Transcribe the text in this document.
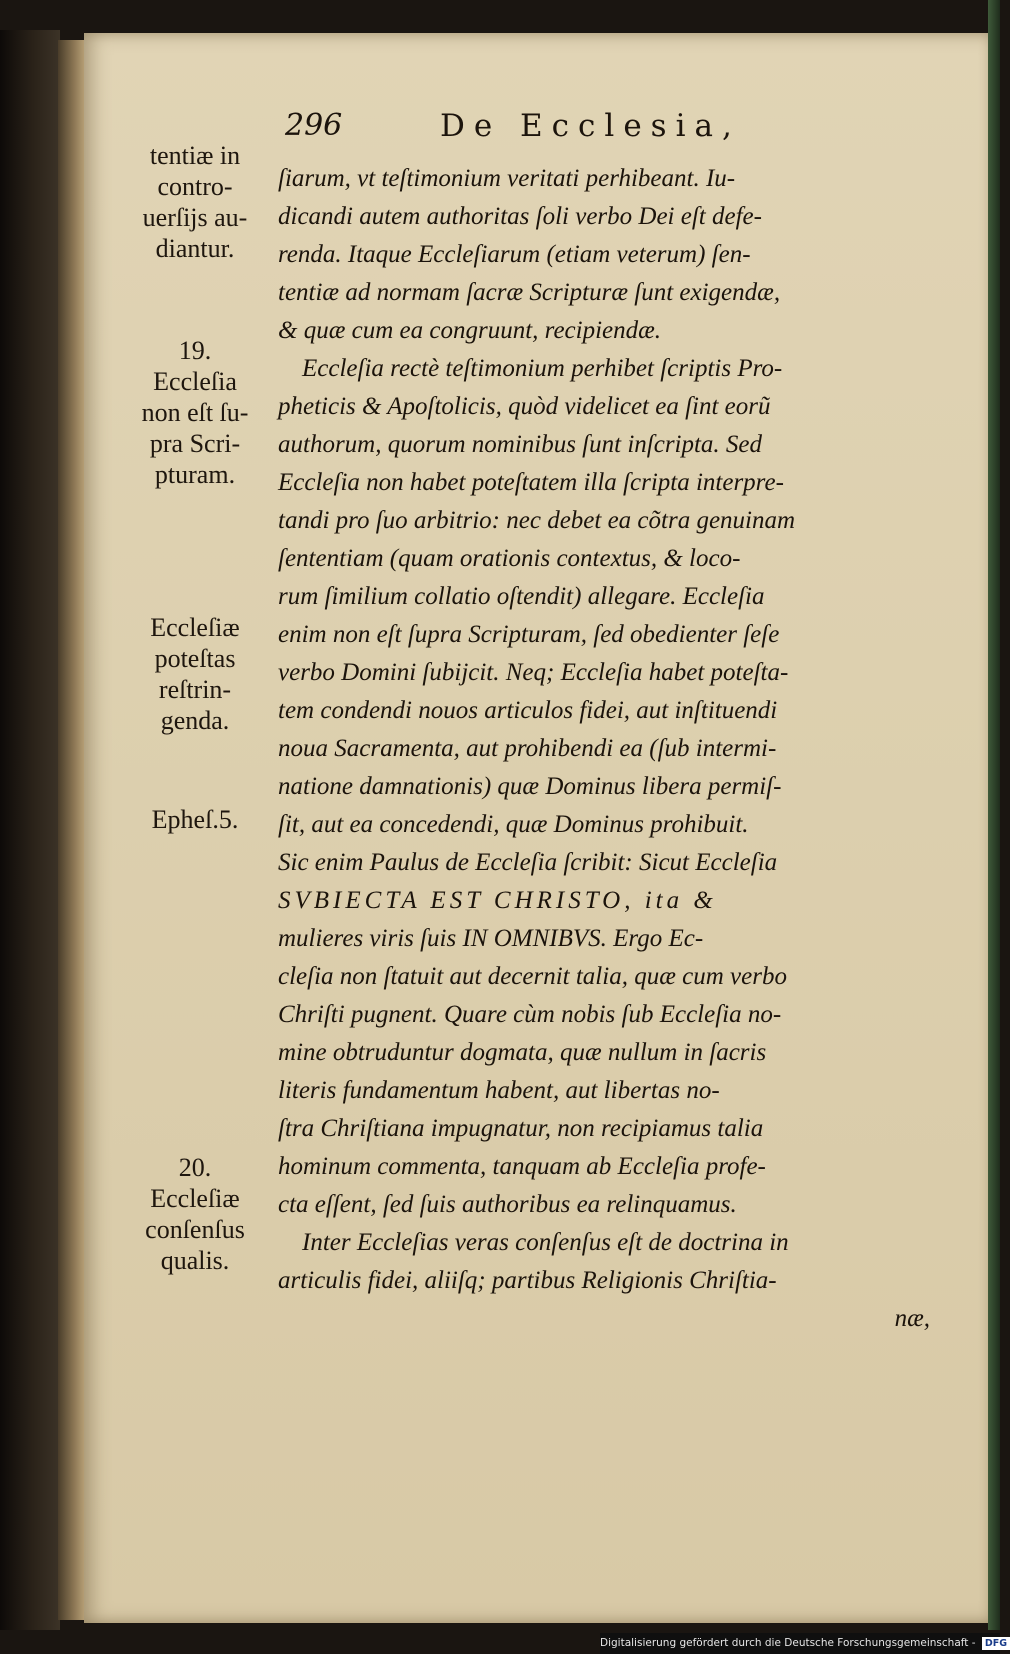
296	De Ecclesia,
tentiæ in
contro-
uerſijs au-
diantur.
19.
Eccleſia
non eſt ſu-
pra Scri-
pturam.
Eccleſiæ
poteſtas
reſtrin-
genda.
Epheſ.5.
20.
Eccleſiæ
conſenſus
qualis.
ſiarum, vt teſtimonium veritati perhibeant. Iu-
dicandi autem authoritas ſoli verbo Dei eſt defe-
renda. Itaque Eccleſiarum (etiam veterum) ſen-
tentiæ ad normam ſacræ Scripturæ ſunt exigendæ,
& quæ cum ea congruunt, recipiendæ.
Eccleſia rectè teſtimonium perhibet ſcriptis Pro-
pheticis & Apoſtolicis, quòd videlicet ea ſint eorũ
authorum, quorum nominibus ſunt inſcripta. Sed
Eccleſia non habet poteſtatem illa ſcripta interpre-
tandi pro ſuo arbitrio: nec debet ea cõtra genuinam
ſententiam (quam orationis contextus, & loco-
rum ſimilium collatio oſtendit) allegare. Eccleſia
enim non eſt ſupra Scripturam, ſed obedienter ſeſe
verbo Domini ſubijcit. Neq; Eccleſia habet poteſta-
tem condendi nouos articulos fidei, aut inſtituendi
noua Sacramenta, aut prohibendi ea (ſub intermi-
natione damnationis) quæ Dominus libera permiſ-
ſit, aut ea concedendi, quæ Dominus prohibuit.
Sic enim Paulus de Eccleſia ſcribit: Sicut Eccleſia
SVBIECTA EST CHRISTO, ita &
mulieres viris ſuis IN OMNIBVS. Ergo Ec-
cleſia non ſtatuit aut decernit talia, quæ cum verbo
Chriſti pugnent. Quare cùm nobis ſub Eccleſia no-
mine obtruduntur dogmata, quæ nullum in ſacris
literis fundamentum habent, aut libertas no-
ſtra Chriſtiana impugnatur, non recipiamus talia
hominum commenta, tanquam ab Eccleſia profe-
cta eſſent, ſed ſuis authoribus ea relinquamus.
Inter Eccleſias veras conſenſus eſt de doctrina in
articulis fidei, aliiſq; partibus Religionis Chriſtia-
næ,
Digitalisierung gefördert durch die Deutsche Forschungsgemeinschaft - DFG
